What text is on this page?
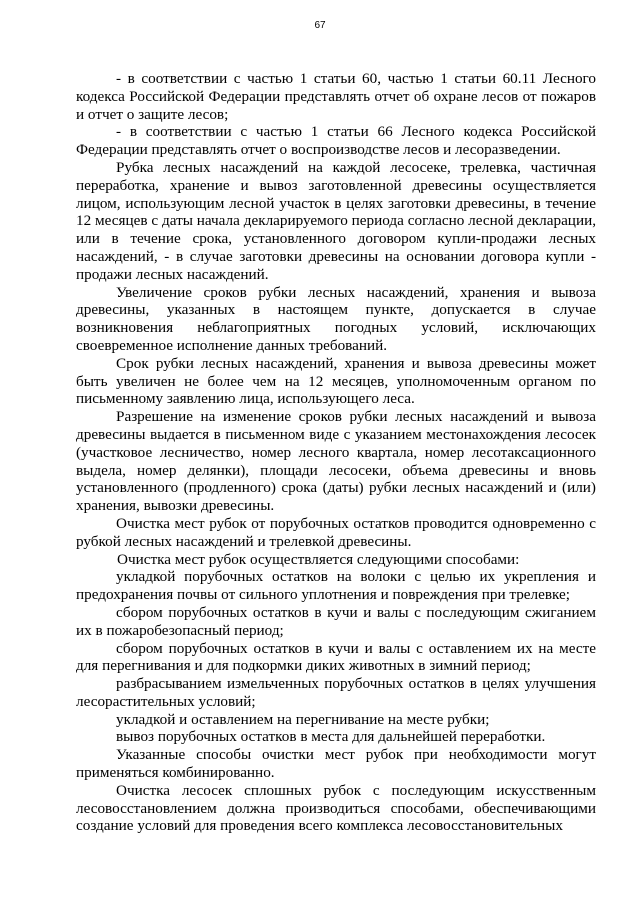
67

- в соответствии с частью 1 статьи 60, частью 1 статьи 60.11 Лесного кодекса Российской Федерации представлять отчет об охране лесов от пожаров и отчет о защите лесов;

- в соответствии с частью 1 статьи 66 Лесного кодекса Российской Федерации представлять отчет о воспроизводстве лесов и лесоразведении.

Рубка лесных насаждений на каждой лесосеке, трелевка, частичная переработка, хранение и вывоз заготовленной древесины осуществляется лицом, использующим лесной участок в целях заготовки древесины, в течение 12 месяцев с даты начала декларируемого периода согласно лесной декларации, или в течение срока, установленного договором купли-продажи лесных насаждений, - в случае заготовки древесины на основании договора купли - продажи лесных насаждений.

Увеличение сроков рубки лесных насаждений, хранения и вывоза древесины, указанных в настоящем пункте, допускается в случае возникновения неблагоприятных погодных условий, исключающих своевременное исполнение данных требований.

Срок рубки лесных насаждений, хранения и вывоза древесины может быть увеличен не более чем на 12 месяцев, уполномоченным органом по письменному заявлению лица, использующего леса.

Разрешение на изменение сроков рубки лесных насаждений и вывоза древесины выдается в письменном виде с указанием местонахождения лесосек (участковое лесничество, номер лесного квартала, номер лесотаксационного выдела, номер делянки), площади лесосеки, объема древесины и вновь установленного (продленного) срока (даты) рубки лесных насаждений и (или) хранения, вывозки древесины.

Очистка мест рубок от порубочных остатков проводится одновременно с рубкой лесных насаждений и трелевкой древесины.

Очистка мест рубок осуществляется следующими способами:

укладкой порубочных остатков на волоки с целью их укрепления и предохранения почвы от сильного уплотнения и повреждения при трелевке;

сбором порубочных остатков в кучи и валы с последующим сжиганием их в пожаробезопасный период;

сбором порубочных остатков в кучи и валы с оставлением их на месте для перегнивания и для подкормки диких животных в зимний период;

разбрасыванием измельченных порубочных остатков в целях улучшения лесорастительных условий;

укладкой и оставлением на перегнивание на месте рубки;

вывоз порубочных остатков в места для дальнейшей переработки.

Указанные способы очистки мест рубок при необходимости могут применяться комбинированно.

Очистка лесосек сплошных рубок с последующим искусственным лесовосстановлением должна производиться способами, обеспечивающими создание условий для проведения всего комплекса лесовосстановительных
